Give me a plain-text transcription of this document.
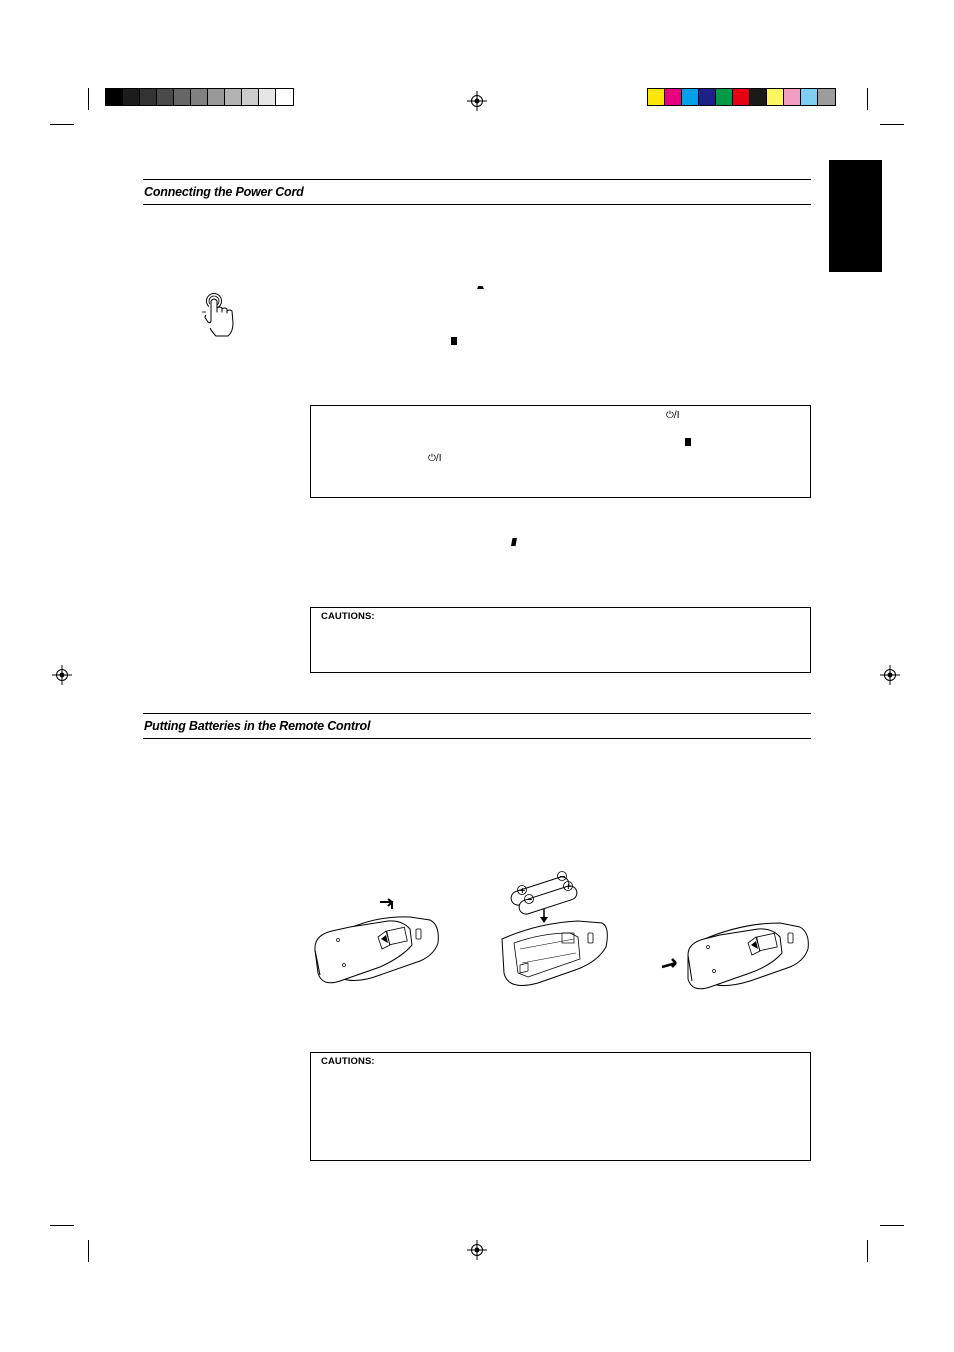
Connecting the Power Cord
⏻/I
⏻/I
CAUTIONS:
Putting Batteries in the Remote Control
+
−
−
+
CAUTIONS:
